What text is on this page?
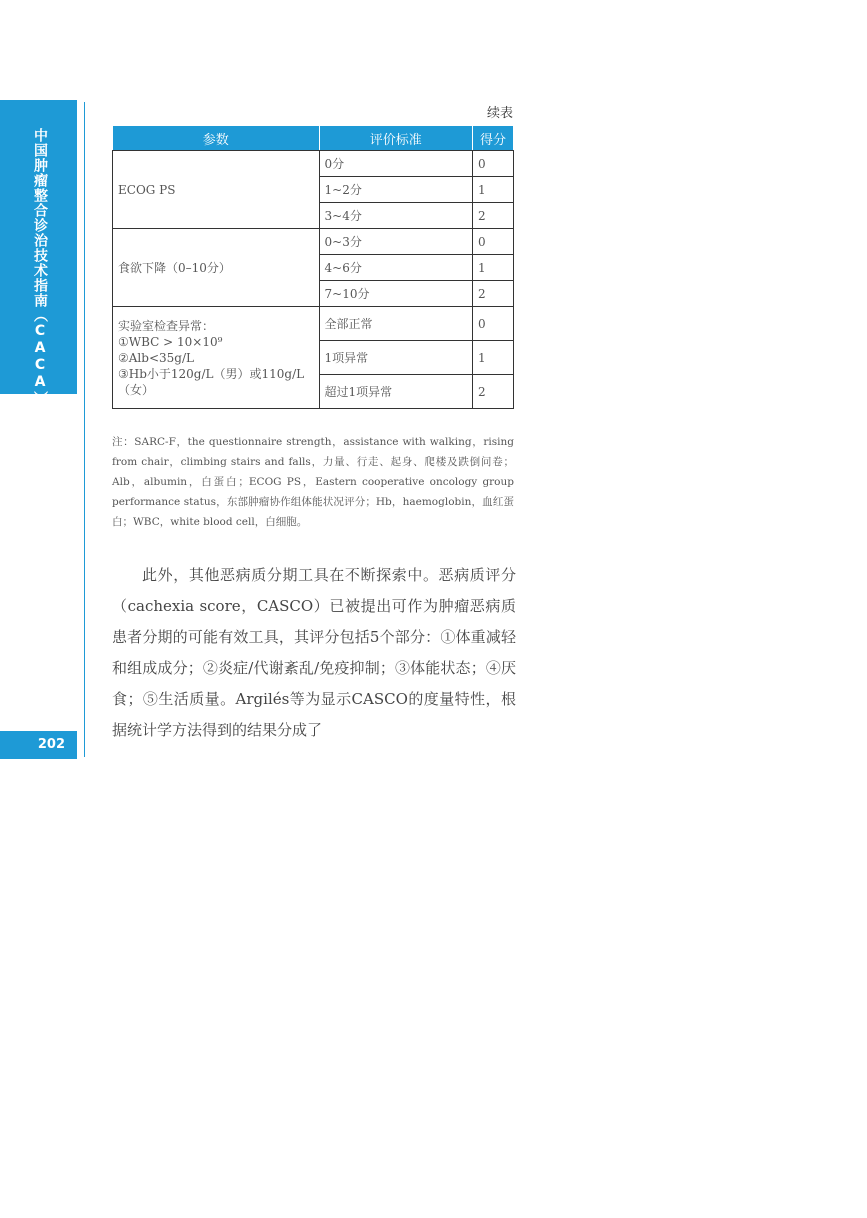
中国肿瘤整合诊治技术指南（CACA）
202
续表
参数	评价标准	得分
ECOG PS	0分	0
	1~2分	1
	3~4分	2
食欲下降（0–10分）	0~3分	0
	4~6分	1
	7~10分	2

实验室检查异常：
①WBC > 10×10⁹
②Alb<35g/L
③Hb小于120g/L（男）或110g/L（女）	全部正常	0
	1项异常	1
	超过1项异常	2
注：SARC-F，the questionnaire strength，assistance with walking，rising from chair，climbing stairs and falls，力量、行走、起身、爬楼及跌倒问卷；Alb，albumin，白蛋白；ECOG PS，Eastern cooperative oncology group performance status，东部肿瘤协作组体能状况评分；Hb，haemoglobin，血红蛋白；WBC，white blood cell，白细胞。

此外，其他恶病质分期工具在不断探索中。恶病质评分（cachexia score，CASCO）已被提出可作为肿瘤恶病质患者分期的可能有效工具，其评分包括5个部分：①体重减轻和组成成分；②炎症/代谢紊乱/免疫抑制；③体能状态；④厌食；⑤生活质量。Argilés等为显示CASCO的度量特性，根据统计学方法得到的结果分成了
